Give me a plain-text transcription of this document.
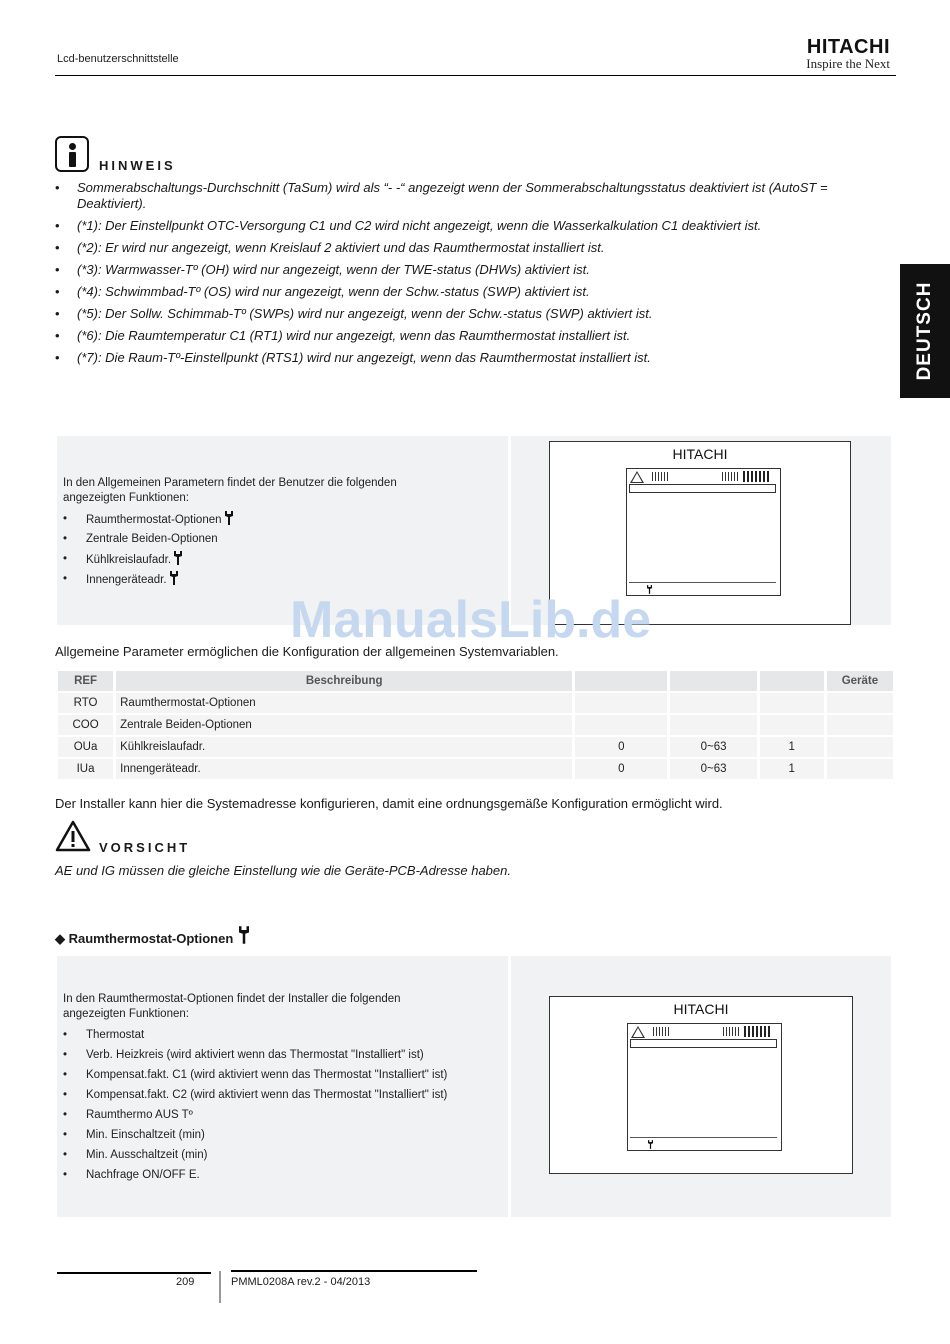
Lcd-benutzerschnittstelle
HITACHI
Inspire the Next
DEUTSCH
HINWEIS
• Sommerabschaltungs-Durchschnitt (TaSum) wird als “- -“ angezeigt wenn der Sommerabschaltungsstatus deaktiviert ist (AutoST = Deaktiviert).
• (*1): Der Einstellpunkt OTC-Versorgung C1 und C2 wird nicht angezeigt, wenn die Wasserkalkulation C1 deaktiviert ist.
• (*2): Er wird nur angezeigt, wenn Kreislauf 2 aktiviert und das Raumthermostat installiert ist.
• (*3): Warmwasser-Tº (OH) wird nur angezeigt, wenn der TWE-status (DHWs) aktiviert ist.
• (*4): Schwimmbad-Tº (OS) wird nur angezeigt, wenn der Schw.-status (SWP) aktiviert ist.
• (*5): Der Sollw. Schimmab-Tº (SWPs) wird nur angezeigt, wenn der Schw.-status (SWP) aktiviert ist.
• (*6): Die Raumtemperatur C1 (RT1) wird nur angezeigt, wenn das Raumthermostat installiert ist.
• (*7): Die Raum-Tº-Einstellpunkt (RTS1) wird nur angezeigt, wenn das Raumthermostat installiert ist.
In den Allgemeinen Parametern findet der Benutzer die folgenden angezeigten Funktionen:
• Raumthermostat-Optionen
• Zentrale Beiden-Optionen
• Kühlkreislaufadr.
• Innengeräteadr.
HITACHI
ManualsLib.de
Allgemeine Parameter ermöglichen die Konfiguration der allgemeinen Systemvariablen.
REF	Beschreibung				Geräte
RTO	Raumthermostat-Optionen				
COO	Zentrale Beiden-Optionen				
OUa	Kühlkreislaufadr.	0	0~63	1	
IUa	Innengeräteadr.	0	0~63	1	
Der Installer kann hier die Systemadresse konfigurieren, damit eine ordnungsgemäße Konfiguration ermöglicht wird.
VORSICHT
AE und IG müssen die gleiche Einstellung wie die Geräte-PCB-Adresse haben.
◆ Raumthermostat-Optionen
In den Raumthermostat-Optionen findet der Installer die folgenden angezeigten Funktionen:
• Thermostat
• Verb. Heizkreis (wird aktiviert wenn das Thermostat "Installiert" ist)
• Kompensat.fakt. C1 (wird aktiviert wenn das Thermostat "Installiert" ist)
• Kompensat.fakt. C2 (wird aktiviert wenn das Thermostat "Installiert" ist)
• Raumthermo AUS Tº
• Min. Einschaltzeit (min)
• Min. Ausschaltzeit (min)
• Nachfrage ON/OFF E.
HITACHI
209	PMML0208A rev.2 - 04/2013
